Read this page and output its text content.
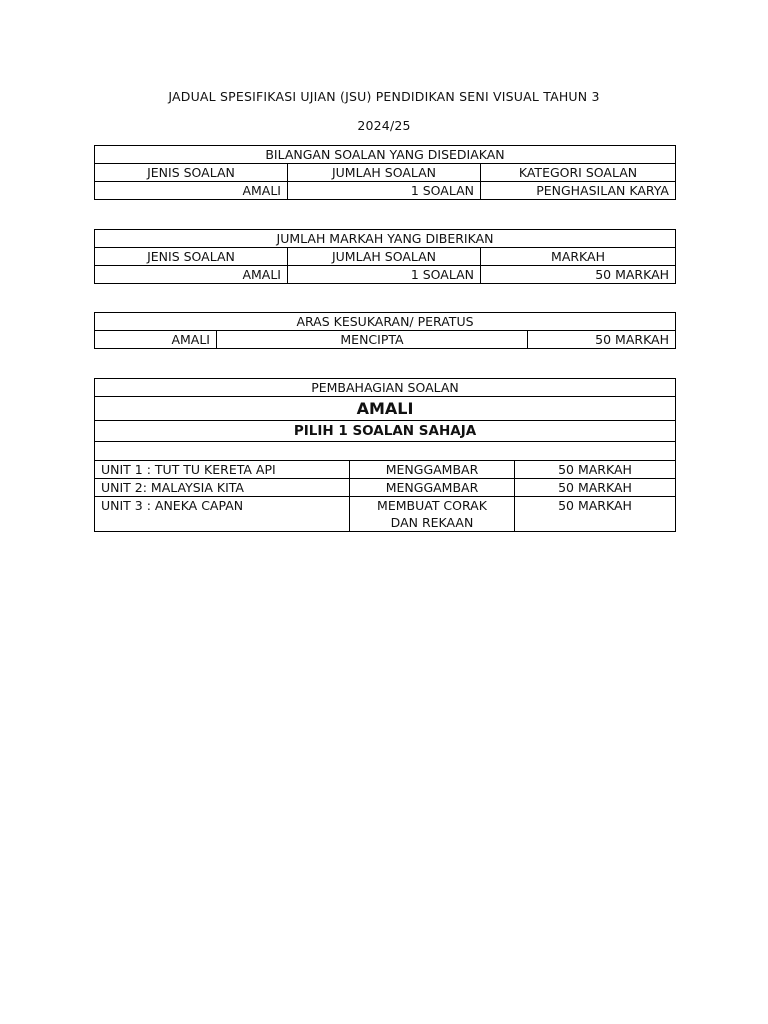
JADUAL SPESIFIKASI UJIAN (JSU) PENDIDIKAN SENI VISUAL TAHUN 3
2024/25
BILANGAN SOALAN YANG DISEDIAKAN		
JENIS SOALAN	JUMLAH SOALAN	KATEGORI SOALAN
AMALI	1 SOALAN	PENGHASILAN KARYA
JUMLAH MARKAH YANG DIBERIKAN		
JENIS SOALAN	JUMLAH SOALAN	MARKAH
AMALI	1 SOALAN	50 MARKAH
ARAS KESUKARAN/ PERATUS
AMALI	MENCIPTA	50 MARKAH
PEMBAHAGIAN SOALAN		
AMALI		
PILIH 1 SOALAN SAHAJA		

UNIT 1 : TUT TU KERETA API	MENGGAMBAR	50 MARKAH
UNIT 2: MALAYSIA KITA	MENGGAMBAR	50 MARKAH
UNIT 3 : ANEKA CAPAN	MEMBUAT CORAK DAN REKAAN	50 MARKAH
